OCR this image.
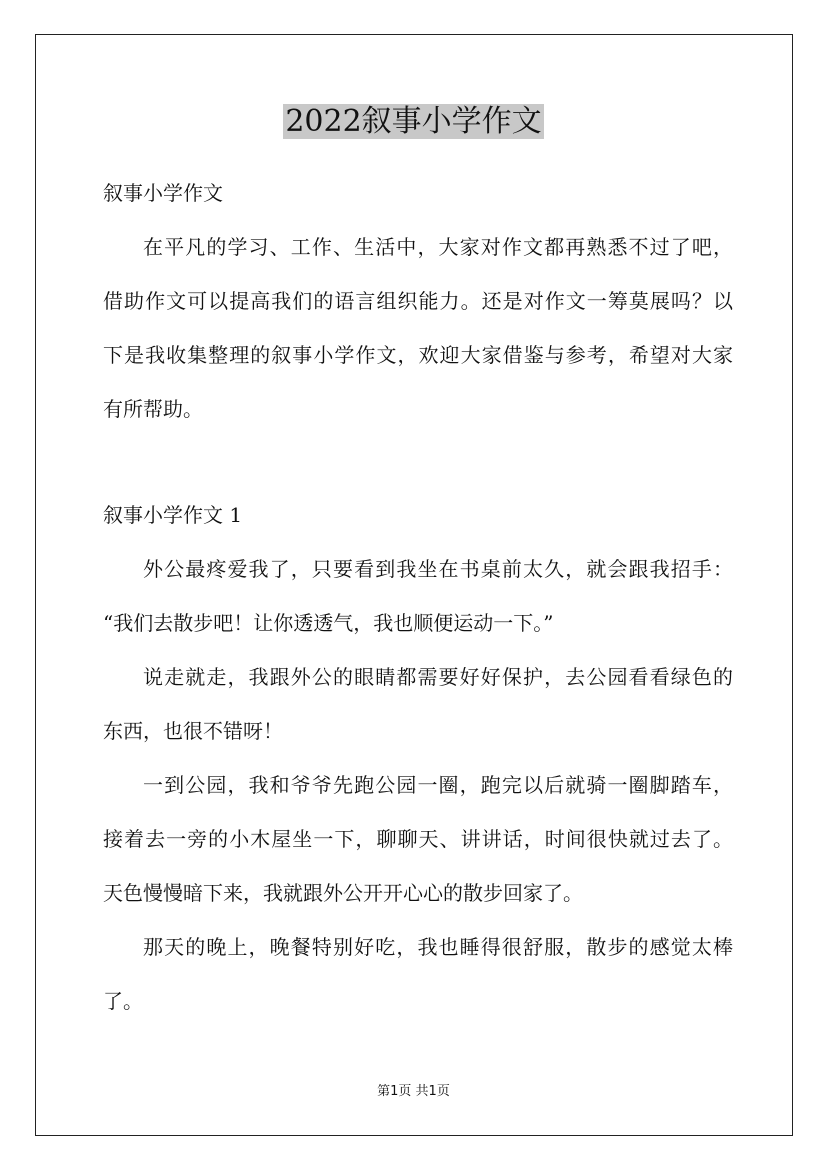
2022叙事小学作文
叙事小学作文
在平凡的学习、工作、生活中，大家对作文都再熟悉不过了吧，
借助作文可以提高我们的语言组织能力。还是对作文一筹莫展吗？以
下是我收集整理的叙事小学作文，欢迎大家借鉴与参考，希望对大家
有所帮助。
叙事小学作文 1
外公最疼爱我了，只要看到我坐在书桌前太久，就会跟我招手：
“我们去散步吧！让你透透气，我也顺便运动一下。”
说走就走，我跟外公的眼睛都需要好好保护，去公园看看绿色的
东西，也很不错呀！
一到公园，我和爷爷先跑公园一圈，跑完以后就骑一圈脚踏车，
接着去一旁的小木屋坐一下，聊聊天、讲讲话，时间很快就过去了。
天色慢慢暗下来，我就跟外公开开心心的散步回家了。
那天的晚上，晚餐特别好吃，我也睡得很舒服，散步的感觉太棒
了。
第1页 共1页
